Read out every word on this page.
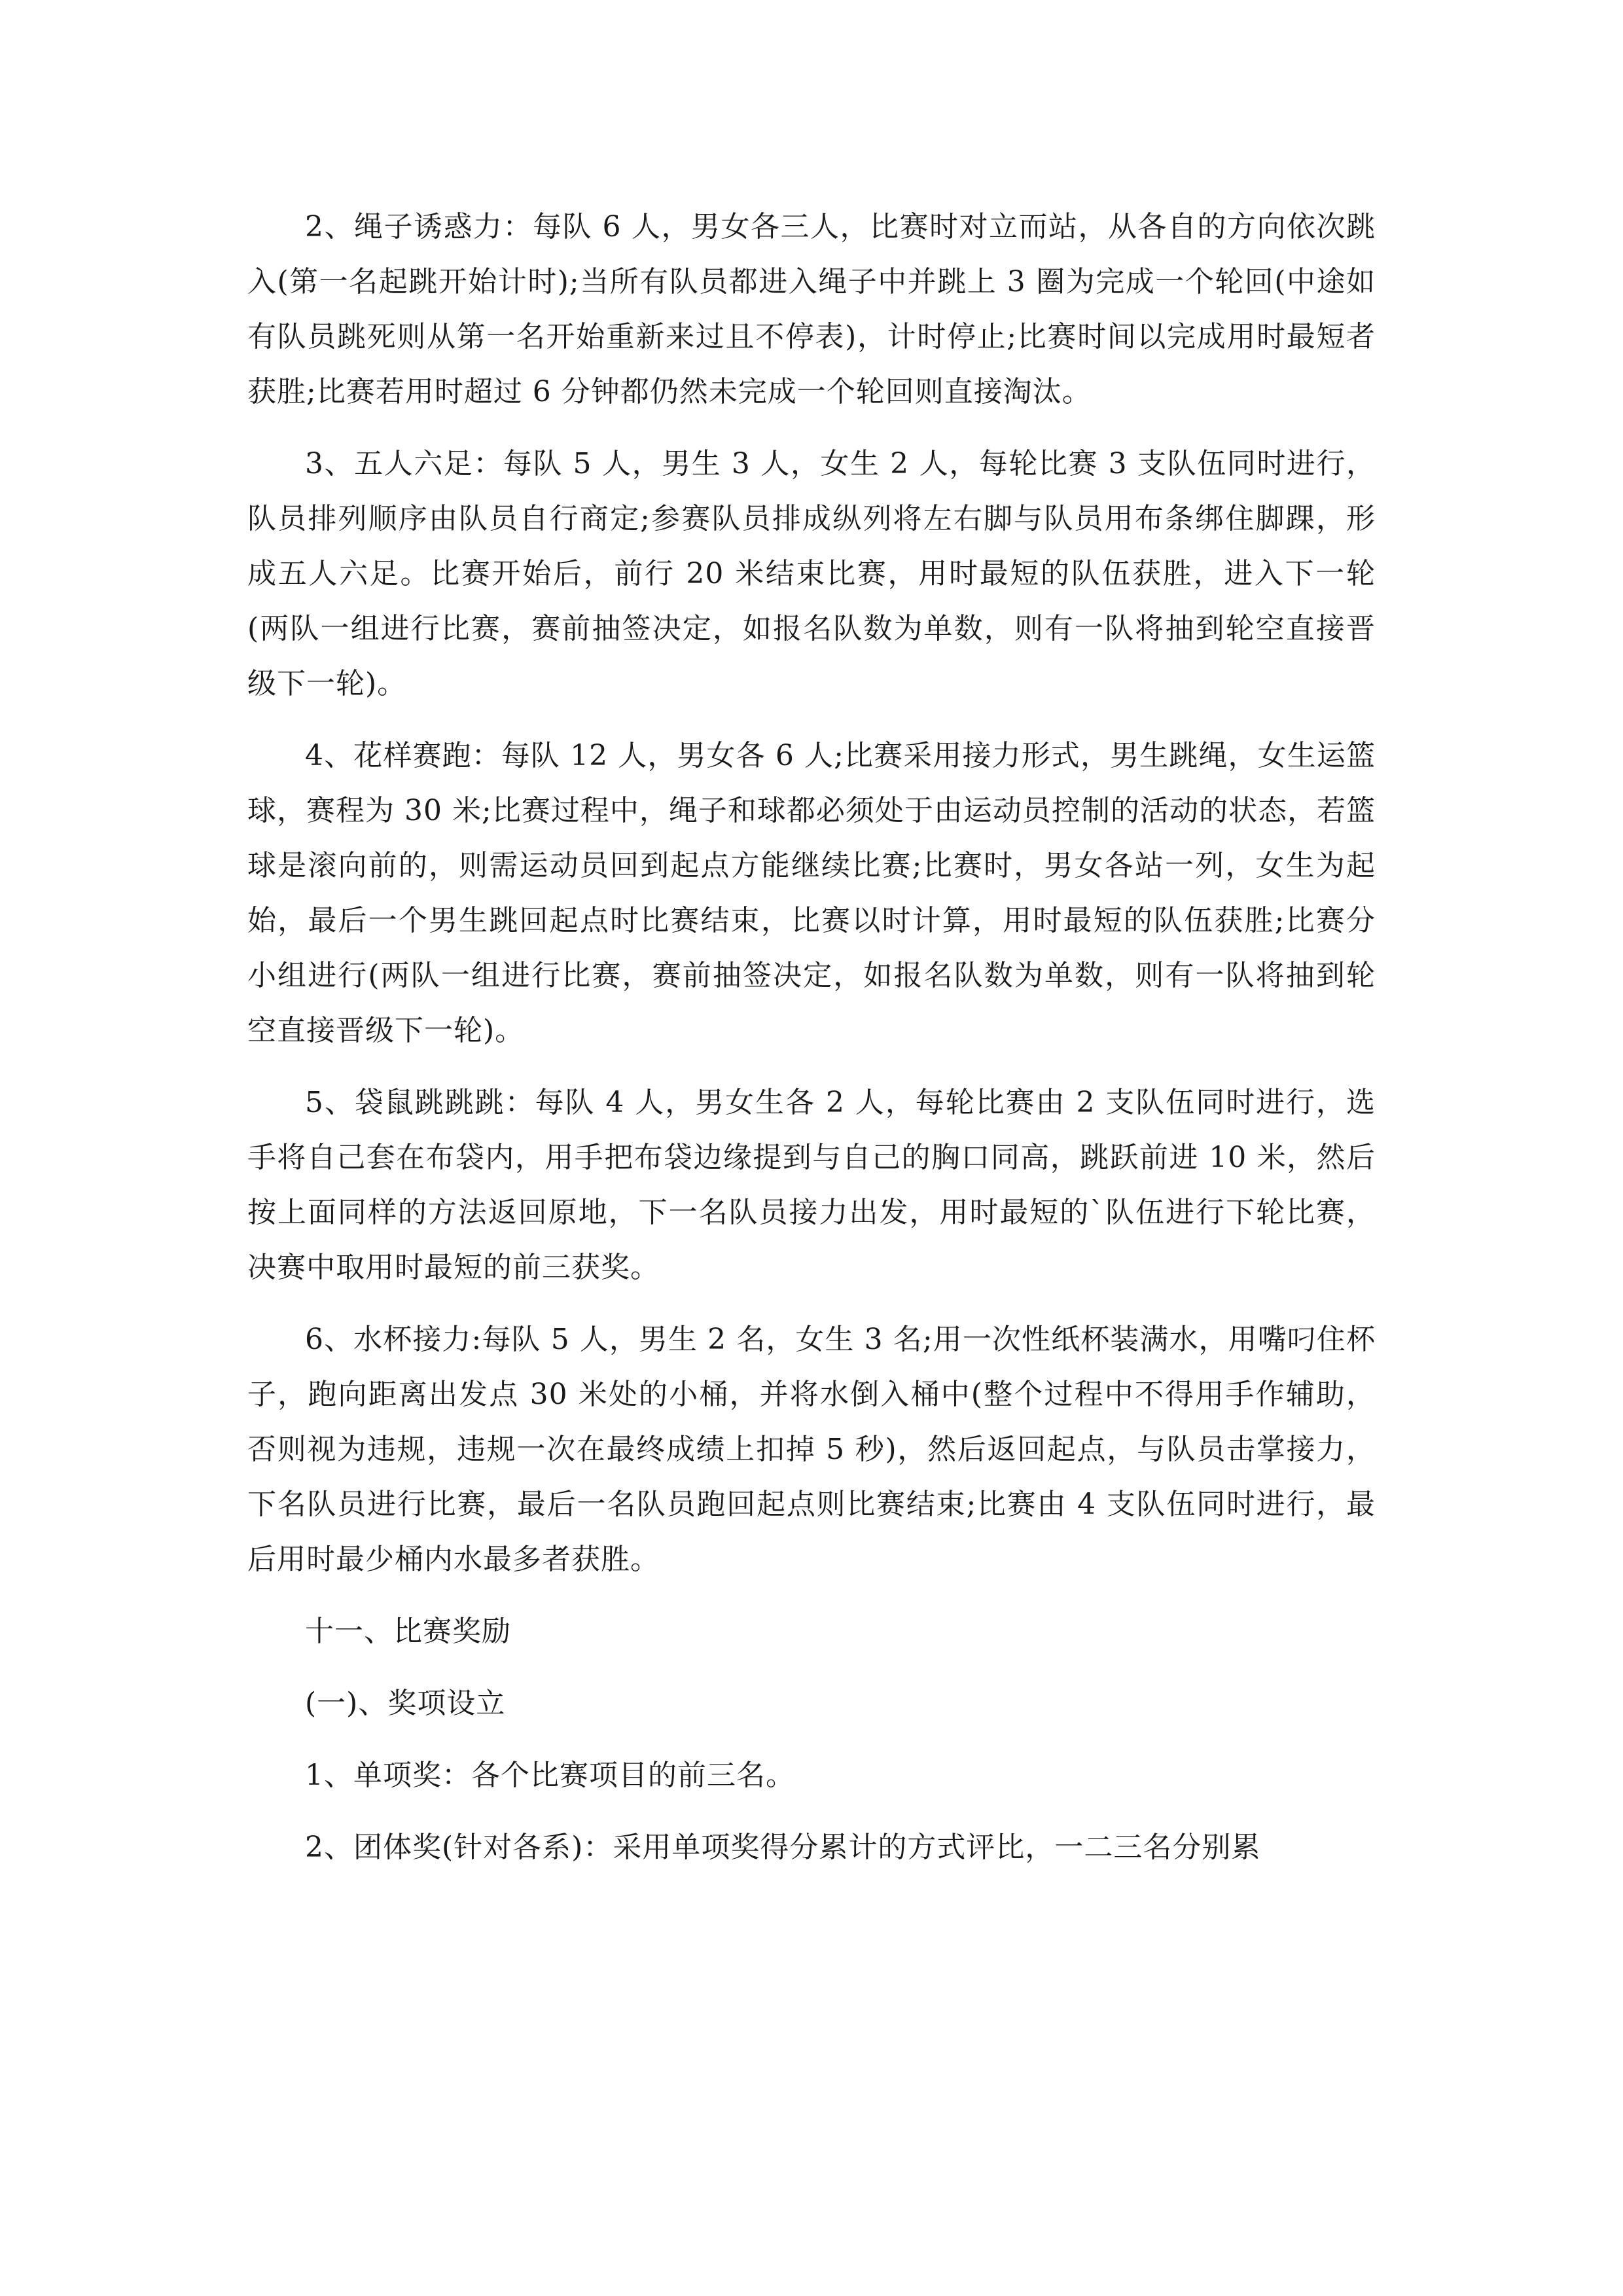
2、绳子诱惑力：每队 6 人，男女各三人，比赛时对立而站，从各自的方向依次跳入(第一名起跳开始计时);当所有队员都进入绳子中并跳上 3 圈为完成一个轮回(中途如有队员跳死则从第一名开始重新来过且不停表)，计时停止;比赛时间以完成用时最短者获胜;比赛若用时超过 6 分钟都仍然未完成一个轮回则直接淘汰。

3、五人六足：每队 5 人，男生 3 人，女生 2 人，每轮比赛 3 支队伍同时进行，队员排列顺序由队员自行商定;参赛队员排成纵列将左右脚与队员用布条绑住脚踝，形成五人六足。比赛开始后，前行 20 米结束比赛，用时最短的队伍获胜，进入下一轮(两队一组进行比赛，赛前抽签决定，如报名队数为单数，则有一队将抽到轮空直接晋级下一轮)。

4、花样赛跑：每队 12 人，男女各 6 人;比赛采用接力形式，男生跳绳，女生运篮球，赛程为 30 米;比赛过程中，绳子和球都必须处于由运动员控制的活动的状态，若篮球是滚向前的，则需运动员回到起点方能继续比赛;比赛时，男女各站一列，女生为起始，最后一个男生跳回起点时比赛结束，比赛以时计算，用时最短的队伍获胜;比赛分小组进行(两队一组进行比赛，赛前抽签决定，如报名队数为单数，则有一队将抽到轮空直接晋级下一轮)。

5、袋鼠跳跳跳：每队 4 人，男女生各 2 人，每轮比赛由 2 支队伍同时进行，选手将自己套在布袋内，用手把布袋边缘提到与自己的胸口同高，跳跃前进 10 米，然后按上面同样的方法返回原地，下一名队员接力出发，用时最短的`队伍进行下轮比赛，决赛中取用时最短的前三获奖。

6、水杯接力:每队 5 人，男生 2 名，女生 3 名;用一次性纸杯装满水，用嘴叼住杯子，跑向距离出发点 30 米处的小桶，并将水倒入桶中(整个过程中不得用手作辅助，否则视为违规，违规一次在最终成绩上扣掉 5 秒)，然后返回起点，与队员击掌接力，下名队员进行比赛，最后一名队员跑回起点则比赛结束;比赛由 4 支队伍同时进行，最后用时最少桶内水最多者获胜。

十一、比赛奖励

(一)、奖项设立

1、单项奖：各个比赛项目的前三名。

2、团体奖(针对各系)：采用单项奖得分累计的方式评比，一二三名分别累
